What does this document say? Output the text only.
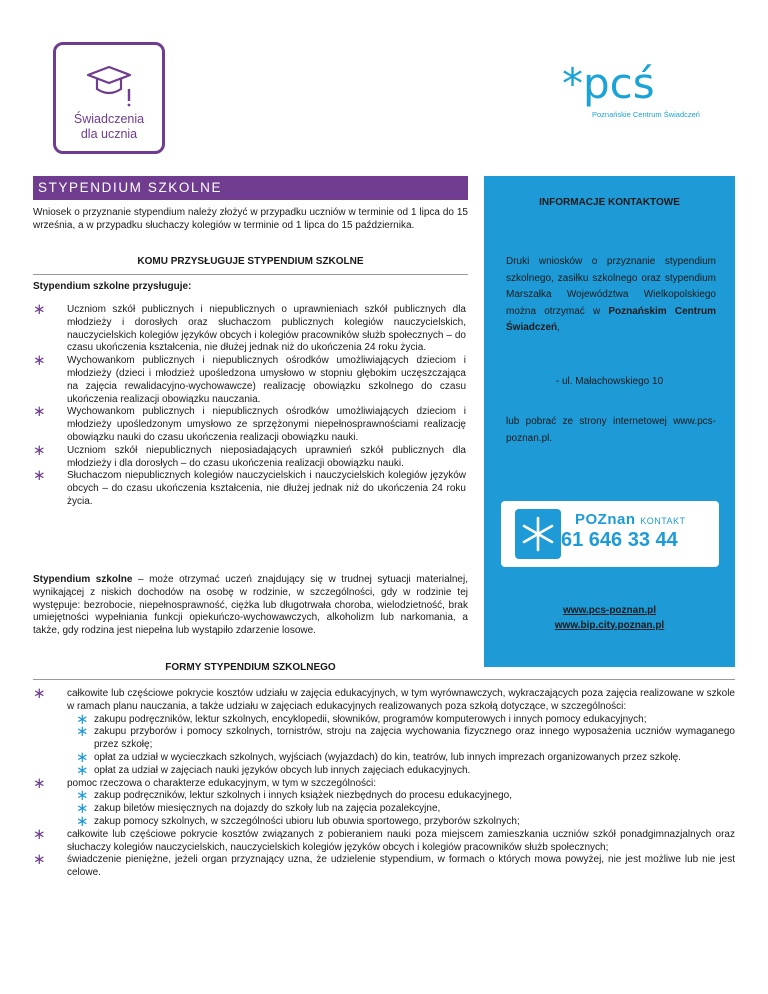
Świadczenia
dla ucznia
*pcś
Poznańskie Centrum Świadczeń
STYPENDIUM SZKOLNE
Wniosek o przyznanie stypendium należy złożyć w przypadku uczniów w terminie od 1 lipca do 15 września, a w przypadku słuchaczy kolegiów w terminie od 1 lipca do 15 października.
KOMU PRZYSŁUGUJE STYPENDIUM SZKOLNE
Stypendium szkolne przysługuje:
∗ Uczniom szkół publicznych i niepublicznych o uprawnieniach szkół publicznych dla młodzieży i dorosłych oraz słuchaczom publicznych kolegiów nauczycielskich, nauczycielskich kolegiów języków obcych i kolegiów pracowników służb społecznych – do czasu ukończenia kształcenia, nie dłużej jednak niż do ukończenia 24 roku życia.
∗ Wychowankom publicznych i niepublicznych ośrodków umożliwiających dzieciom i młodzieży (dzieci i młodzież upośledzona umysłowo w stopniu głębokim uczęszczająca na zajęcia rewalidacyjno-wychowawcze) realizację obowiązku szkolnego do czasu ukończenia realizacji obowiązku nauczania.
∗ Wychowankom publicznych i niepublicznych ośrodków umożliwiających dzieciom i młodzieży upośledzonym umysłowo ze sprzężonymi niepełnosprawnościami realizację obowiązku nauki do czasu ukończenia realizacji obowiązku nauki.
∗ Uczniom szkół niepublicznych nieposiadających uprawnień szkół publicznych dla młodzieży i dla dorosłych – do czasu ukończenia realizacji obowiązku nauki.
∗ Słuchaczom niepublicznych kolegiów nauczycielskich i nauczycielskich kolegiów języków obcych – do czasu ukończenia kształcenia, nie dłużej jednak niż do ukończenia 24 roku życia.
Stypendium szkolne – może otrzymać uczeń znajdujący się w trudnej sytuacji materialnej, wynikającej z niskich dochodów na osobę w rodzinie, w szczególności, gdy w rodzinie tej występuje: bezrobocie, niepełnosprawność, ciężka lub długotrwała choroba, wielodzietność, brak umiejętności wypełniania funkcji opiekuńczo-wychowawczych, alkoholizm lub narkomania, a także, gdy rodzina jest niepełna lub wystąpiło zdarzenie losowe.
INFORMACJE KONTAKTOWE
Druki wniosków o przyznanie stypendium szkolnego, zasiłku szkolnego oraz stypendium Marszałka Województwa Wielkopolskiego można otrzymać w Poznańskim Centrum Świadczeń,
- ul. Małachowskiego 10
lub pobrać ze strony internetowej www.pcs-poznan.pl.
POZnan KONTAKT
61 646 33 44
www.pcs-poznan.pl
www.bip.city.poznan.pl
FORMY STYPENDIUM SZKOLNEGO
∗ całkowite lub częściowe pokrycie kosztów udziału w zajęcia edukacyjnych, w tym wyrównawczych, wykraczających poza zajęcia realizowane w szkole w ramach planu nauczania, a także udziału w zajęciach edukacyjnych realizowanych poza szkołą dotyczące, w szczególności:
∗ zakupu podręczników, lektur szkolnych, encyklopedii, słowników, programów komputerowych i innych pomocy edukacyjnych;
∗ zakupu przyborów i pomocy szkolnych, tornistrów, stroju na zajęcia wychowania fizycznego oraz innego wyposażenia uczniów wymaganego przez szkołę;
∗ opłat za udział w wycieczkach szkolnych, wyjściach (wyjazdach) do kin, teatrów, lub innych imprezach organizowanych przez szkołę.
∗ opłat za udział w zajęciach nauki języków obcych lub innych zajęciach edukacyjnych.
∗ pomoc rzeczowa o charakterze edukacyjnym, w tym w szczególności:
∗ zakup podręczników, lektur szkolnych i innych książek niezbędnych do procesu edukacyjnego,
∗ zakup biletów miesięcznych na dojazdy do szkoły lub na zajęcia pozalekcyjne,
∗ zakup pomocy szkolnych, w szczególności ubioru lub obuwia sportowego, przyborów szkolnych;
∗ całkowite lub częściowe pokrycie kosztów związanych z pobieraniem nauki poza miejscem zamieszkania uczniów szkół ponadgimnazjalnych oraz słuchaczy kolegiów nauczycielskich, nauczycielskich kolegiów języków obcych i kolegiów pracowników służb społecznych;
∗ świadczenie pieniężne, jeżeli organ przyznający uzna, że udzielenie stypendium, w formach o których mowa powyżej, nie jest możliwe lub nie jest celowe.
